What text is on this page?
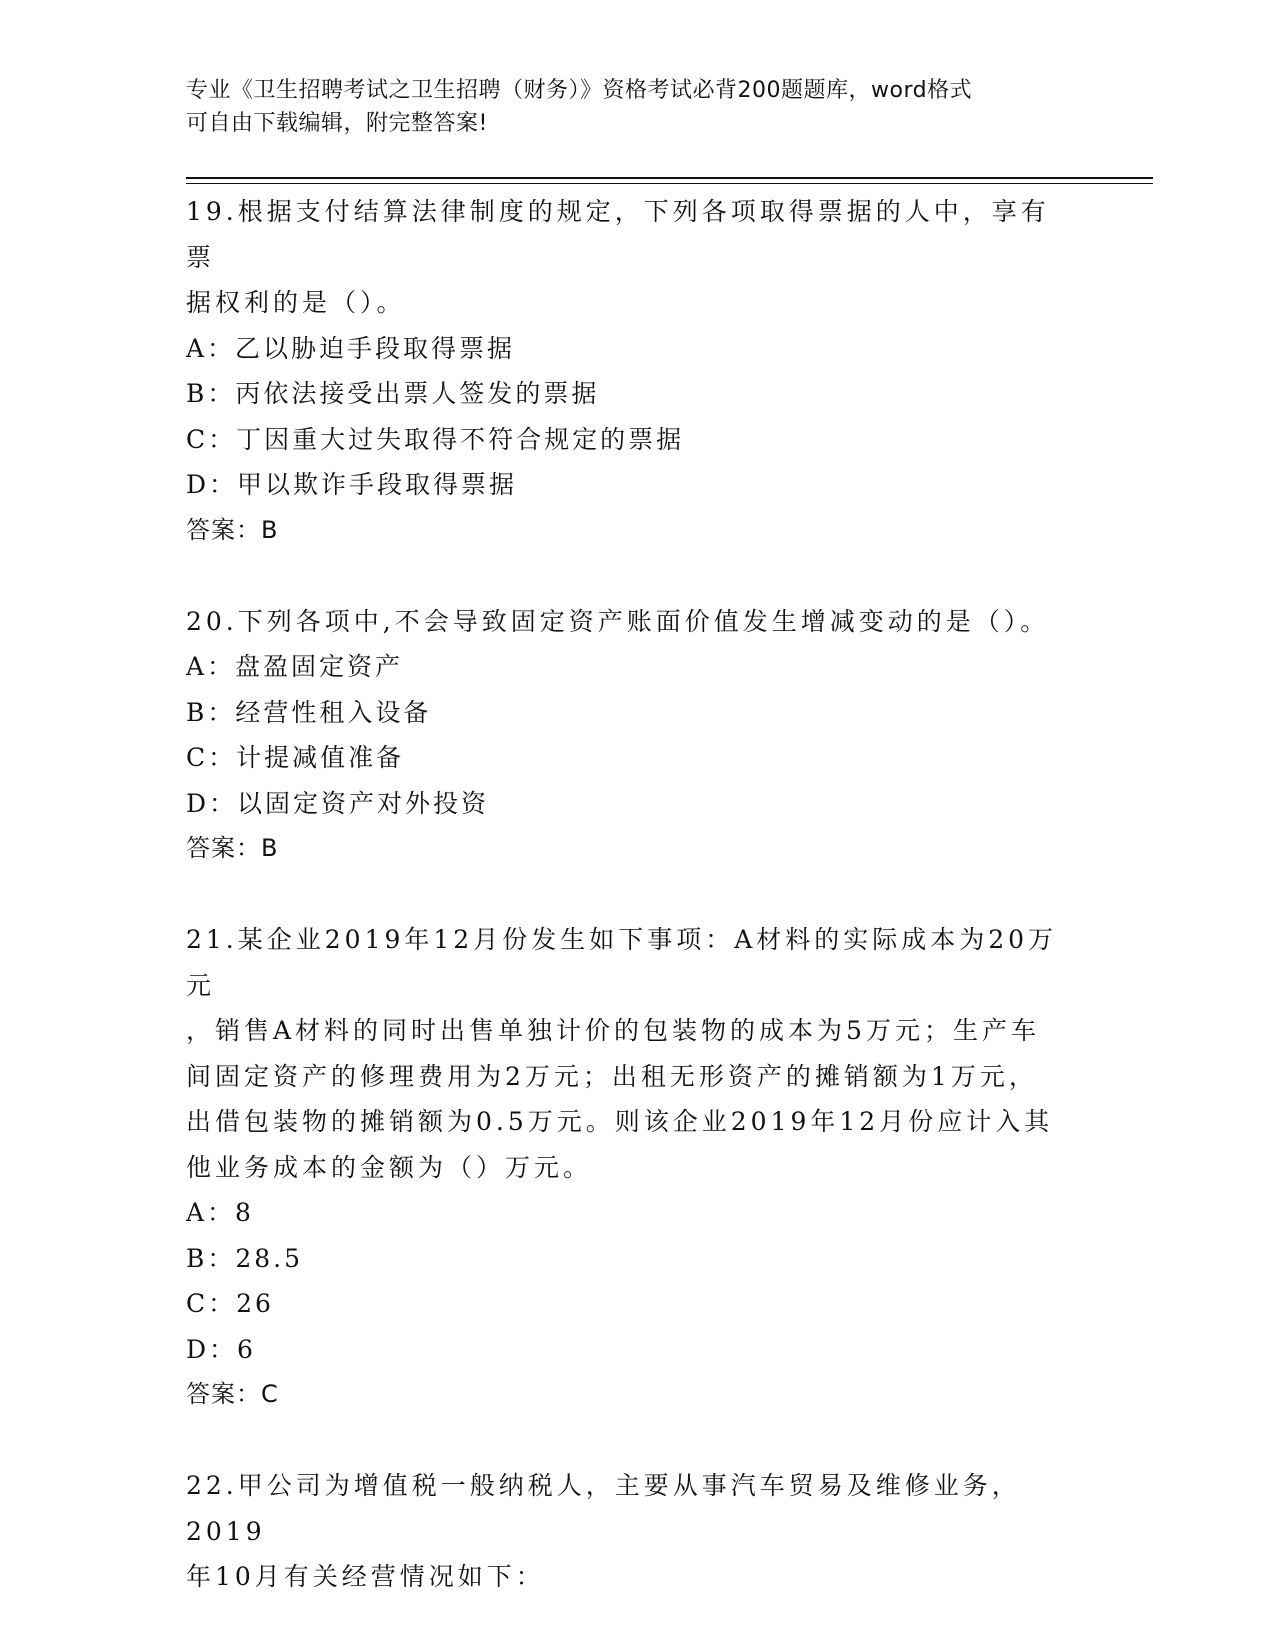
专业《卫生招聘考试之卫生招聘（财务）》资格考试必背200题题库，word格式
可自由下载编辑，附完整答案!

19.根据支付结算法律制度的规定，下列各项取得票据的人中，享有票

据权利的是（）。

A：乙以胁迫手段取得票据

B：丙依法接受出票人签发的票据

C：丁因重大过失取得不符合规定的票据

D：甲以欺诈手段取得票据

答案：B

20.下列各项中,不会导致固定资产账面价值发生增减变动的是（）。

A：盘盈固定资产

B：经营性租入设备

C：计提减值准备

D：以固定资产对外投资

答案：B

21.某企业2019年12月份发生如下事项：A材料的实际成本为20万元

，销售A材料的同时出售单独计价的包装物的成本为5万元；生产车

间固定资产的修理费用为2万元；出租无形资产的摊销额为1万元，

出借包装物的摊销额为0.5万元。则该企业2019年12月份应计入其

他业务成本的金额为（）万元。

A：8

B：28.5

C：26

D：6

答案：C

22.甲公司为增值税一般纳税人，主要从事汽车贸易及维修业务，2019

年10月有关经营情况如下：
